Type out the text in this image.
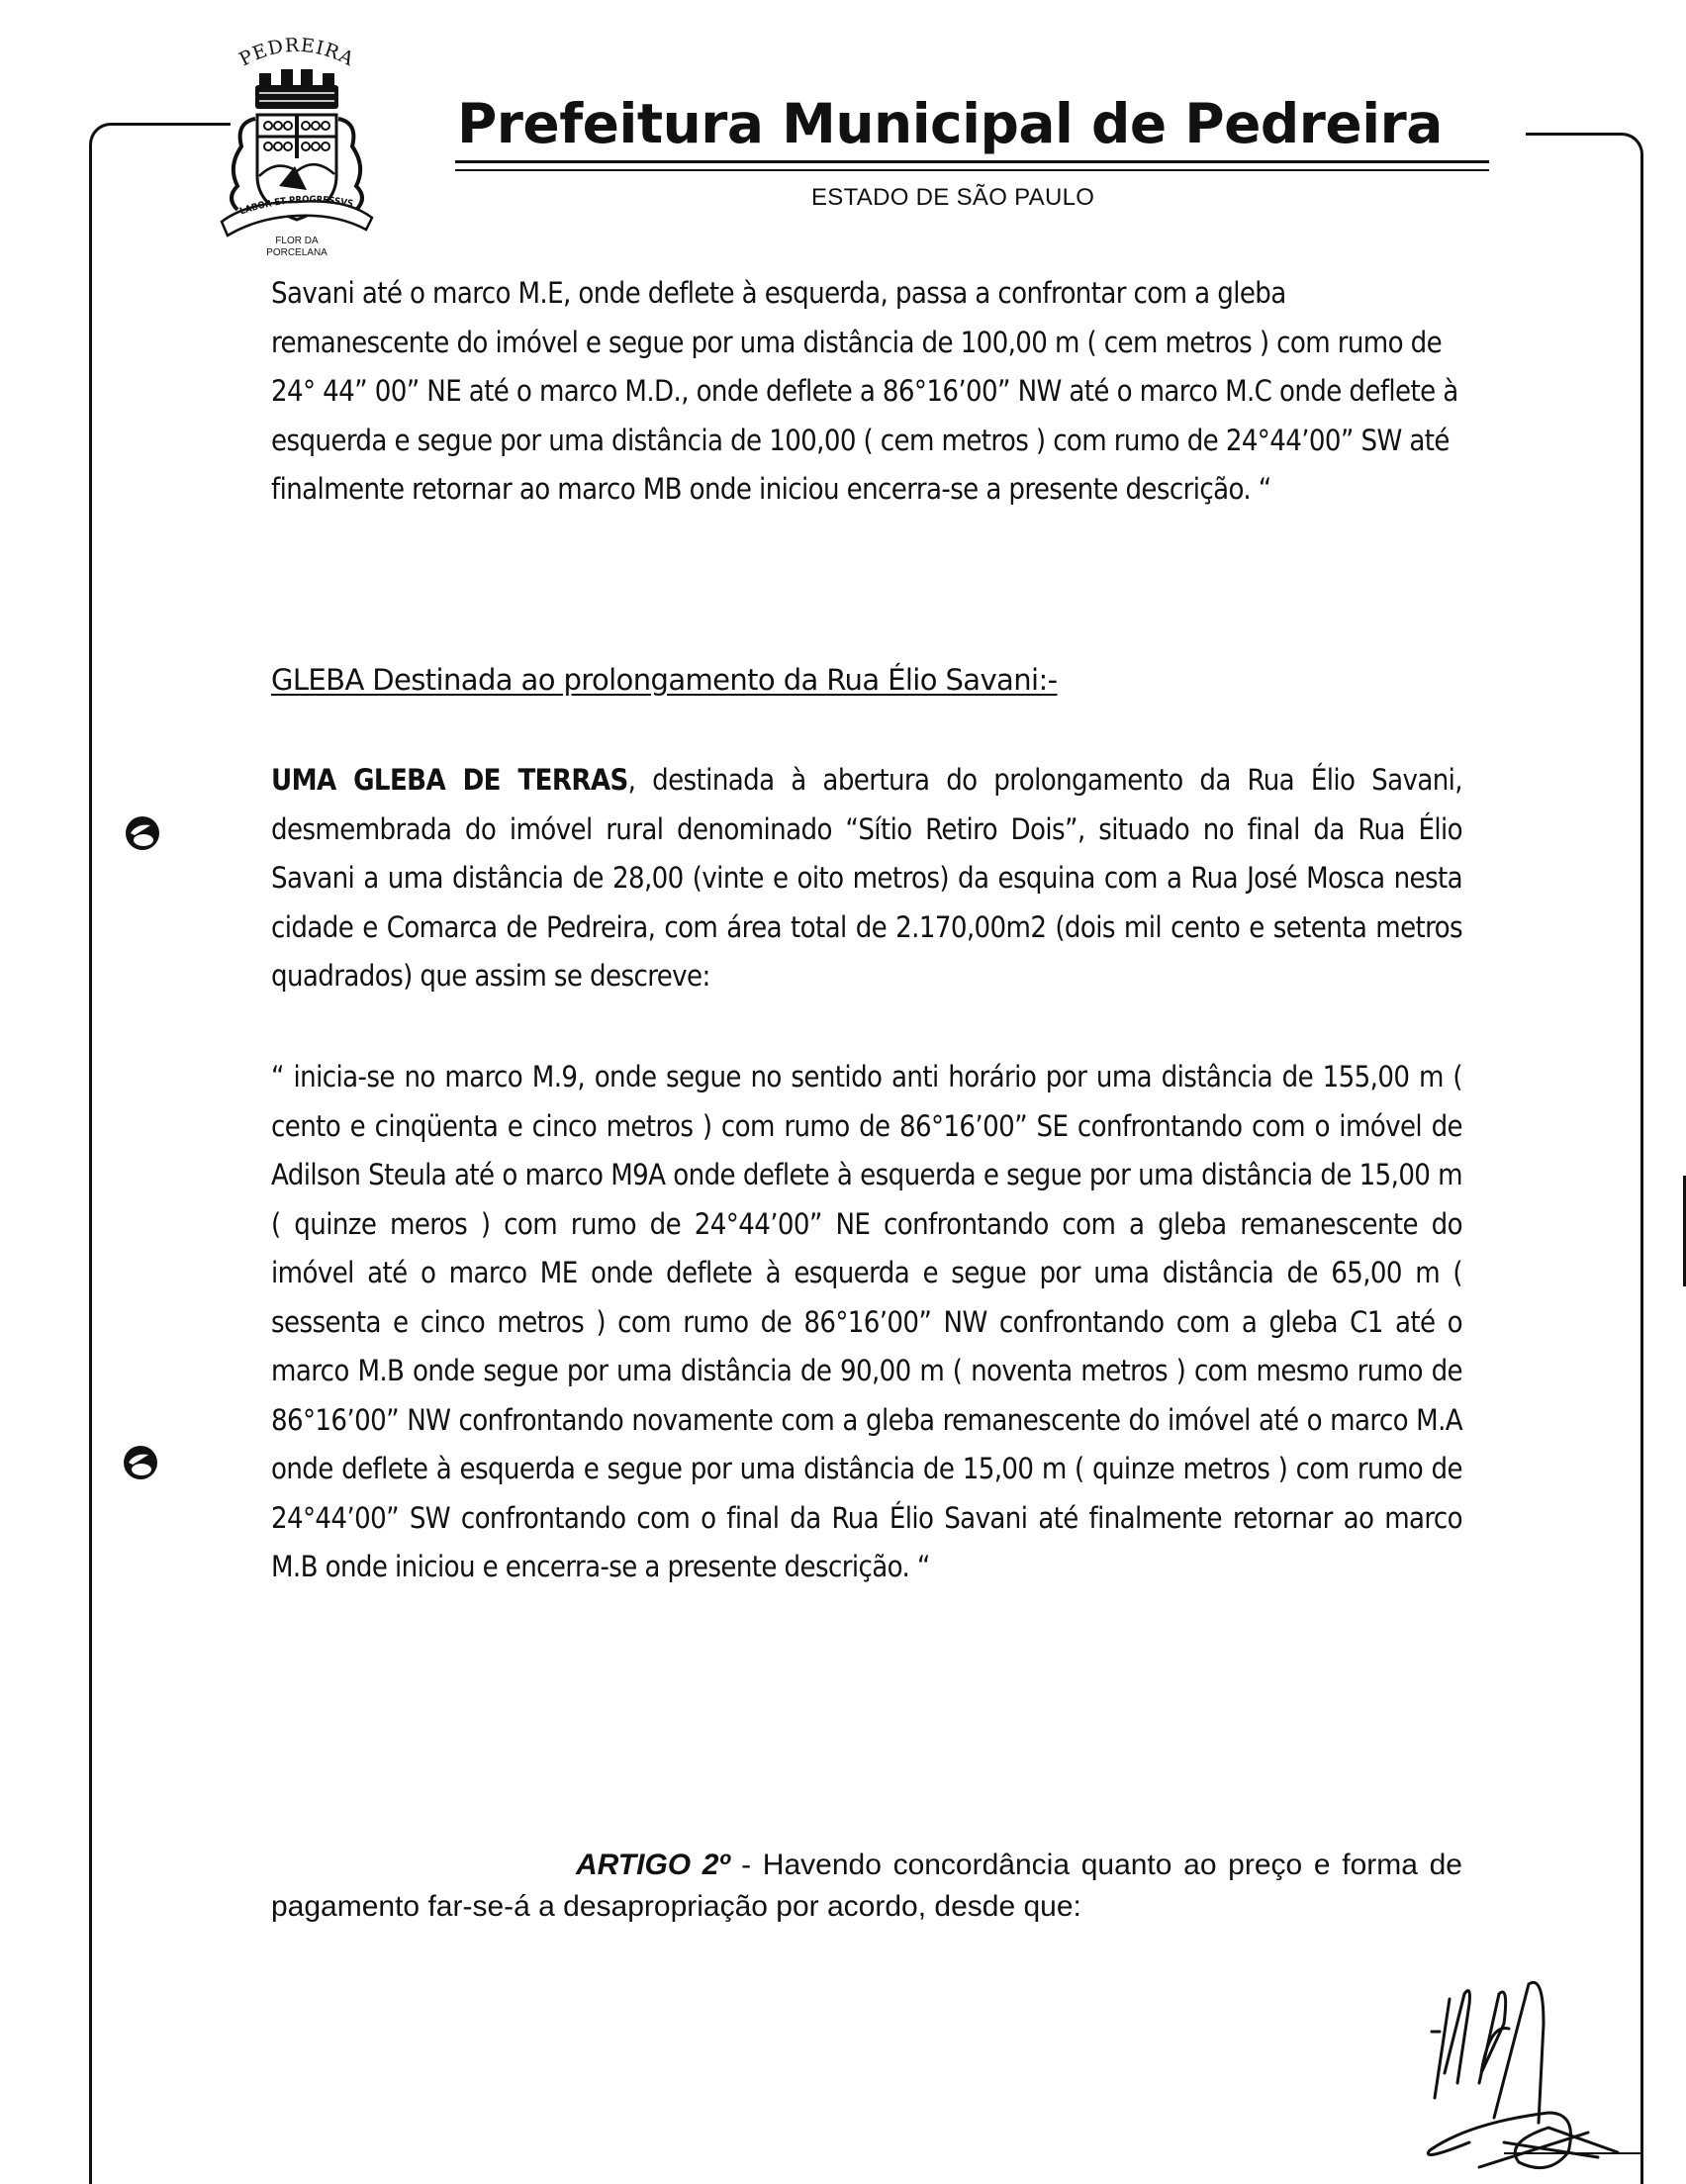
PEDREIRA
LABOR ET PROGRESSVS
FLOR DA
PORCELANA
Prefeitura Municipal de Pedreira
ESTADO DE SÃO PAULO
Savani até o marco M.E, onde deflete à esquerda, passa a confrontar com a gleba remanescente do imóvel e segue por uma distância de 100,00 m ( cem metros ) com rumo de 24° 44” 00” NE até o marco M.D., onde deflete a 86°16’00” NW até o marco M.C onde deflete à esquerda e segue por uma distância de 100,00 ( cem metros ) com rumo de 24°44’00” SW até finalmente retornar ao marco MB onde iniciou encerra-se a presente descrição. “
GLEBA Destinada ao prolongamento da Rua Élio Savani:-
UMA GLEBA DE TERRAS, destinada à abertura do prolongamento da Rua Élio Savani, desmembrada do imóvel rural denominado “Sítio Retiro Dois”, situado no final da Rua Élio Savani a uma distância de 28,00 (vinte e oito metros) da esquina com a Rua José Mosca nesta cidade e Comarca de Pedreira, com área total de 2.170,00m2 (dois mil cento e setenta metros quadrados) que assim se descreve:
“ inicia-se no marco M.9, onde segue no sentido anti horário por uma distância de 155,00 m ( cento e cinqüenta e cinco metros ) com rumo de 86°16’00” SE confrontando com o imóvel de Adilson Steula até o marco M9A onde deflete à esquerda e segue por uma distância de 15,00 m ( quinze meros ) com rumo de 24°44’00” NE confrontando com a gleba remanescente do imóvel até o marco ME onde deflete à esquerda e segue por uma distância de 65,00 m ( sessenta e cinco metros ) com rumo de 86°16’00” NW confrontando com a gleba C1 até o marco M.B onde segue por uma distância de 90,00 m ( noventa metros ) com mesmo rumo de 86°16’00” NW confrontando novamente com a gleba remanescente do imóvel até o marco M.A onde deflete à esquerda e segue por uma distância de 15,00 m ( quinze metros ) com rumo de 24°44’00” SW confrontando com o final da Rua Élio Savani até finalmente retornar ao marco M.B onde iniciou e encerra-se a presente descrição. “
ARTIGO 2º - Havendo concordância quanto ao preço e forma de pagamento far-se-á a desapropriação por acordo, desde que:
